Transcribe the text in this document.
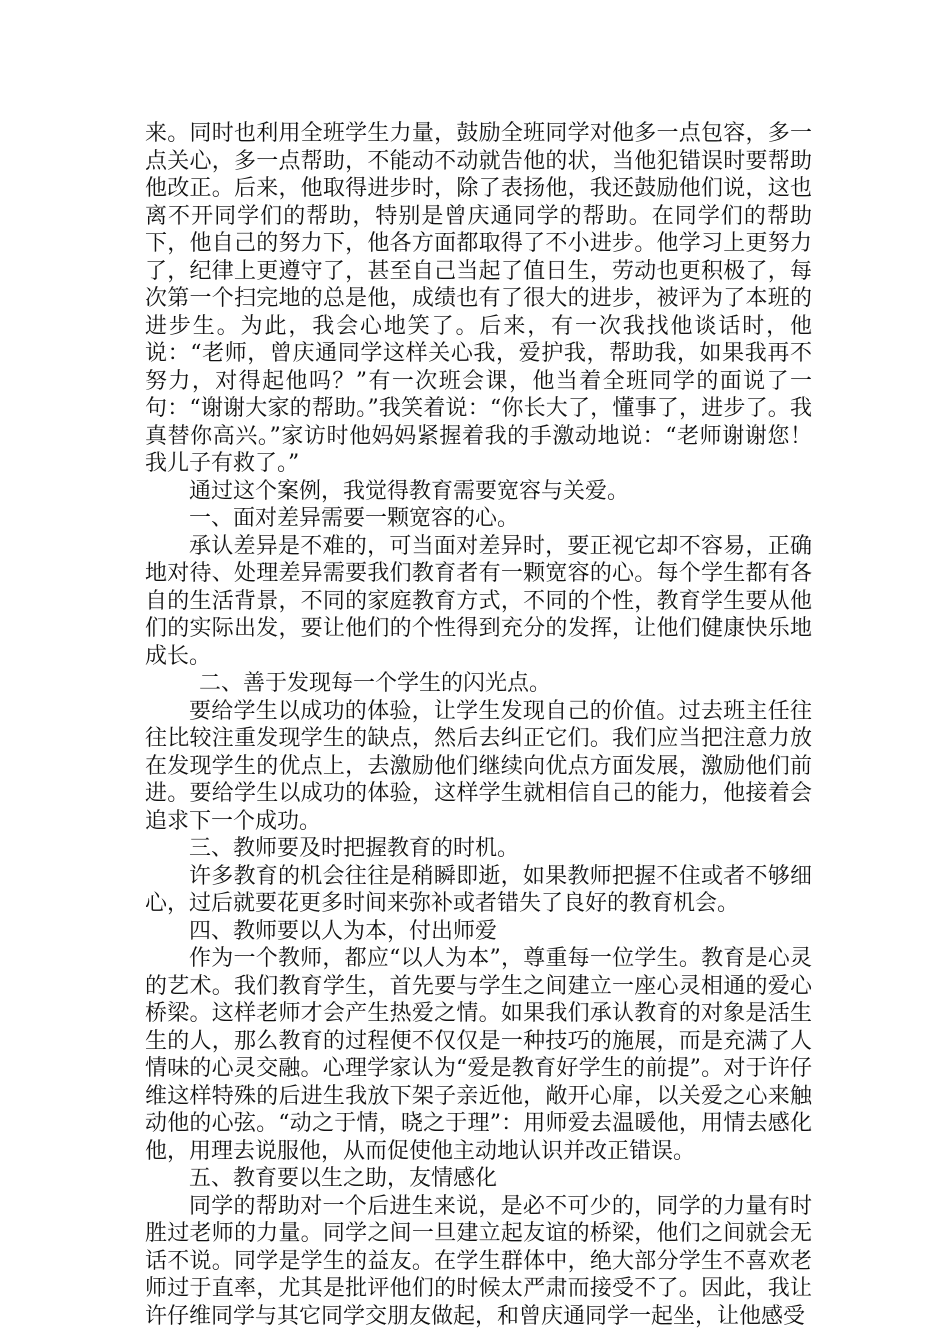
来。同时也利用全班学生力量，鼓励全班同学对他多一点包容，多一点关心，多一点帮助，不能动不动就告他的状，当他犯错误时要帮助他改正。后来，他取得进步时，除了表扬他，我还鼓励他们说，这也离不开同学们的帮助，特别是曾庆通同学的帮助。在同学们的帮助下，他自己的努力下，他各方面都取得了不小进步。他学习上更努力了，纪律上更遵守了，甚至自己当起了值日生，劳动也更积极了，每次第一个扫完地的总是他，成绩也有了很大的进步，被评为了本班的进步生。为此，我会心地笑了。后来，有一次我找他谈话时，他说：“老师，曾庆通同学这样关心我，爱护我，帮助我，如果我再不努力，对得起他吗？”有一次班会课，他当着全班同学的面说了一句：“谢谢大家的帮助。”我笑着说：“你长大了，懂事了，进步了。我真替你高兴。”家访时他妈妈紧握着我的手激动地说：“老师谢谢您！我儿子有救了。”

通过这个案例，我觉得教育需要宽容与关爱。

一、面对差异需要一颗宽容的心。

承认差异是不难的，可当面对差异时，要正视它却不容易，正确地对待、处理差异需要我们教育者有一颗宽容的心。每个学生都有各自的生活背景，不同的家庭教育方式，不同的个性，教育学生要从他们的实际出发，要让他们的个性得到充分的发挥，让他们健康快乐地成长。

二、善于发现每一个学生的闪光点。

要给学生以成功的体验，让学生发现自己的价值。过去班主任往往比较注重发现学生的缺点，然后去纠正它们。我们应当把注意力放在发现学生的优点上，去激励他们继续向优点方面发展，激励他们前进。要给学生以成功的体验，这样学生就相信自己的能力，他接着会追求下一个成功。

三、教师要及时把握教育的时机。

许多教育的机会往往是稍瞬即逝，如果教师把握不住或者不够细心，过后就要花更多时间来弥补或者错失了良好的教育机会。

四、教师要以人为本，付出师爱

作为一个教师，都应“以人为本”，尊重每一位学生。教育是心灵的艺术。我们教育学生，首先要与学生之间建立一座心灵相通的爱心桥梁。这样老师才会产生热爱之情。如果我们承认教育的对象是活生生的人，那么教育的过程便不仅仅是一种技巧的施展，而是充满了人情味的心灵交融。心理学家认为“爱是教育好学生的前提”。对于许仔维这样特殊的后进生我放下架子亲近他，敞开心扉，以关爱之心来触动他的心弦。“动之于情，晓之于理”：用师爱去温暖他，用情去感化他，用理去说服他，从而促使他主动地认识并改正错误。

五、教育要以生之助，友情感化

同学的帮助对一个后进生来说，是必不可少的，同学的力量有时胜过老师的力量。同学之间一旦建立起友谊的桥梁，他们之间就会无话不说。同学是学生的益友。在学生群体中，绝大部分学生不喜欢老师过于直率，尤其是批评他们的时候太严肃而接受不了。因此，我让许仔维同学与其它同学交朋友做起，和曾庆通同学一起坐，让他感受
